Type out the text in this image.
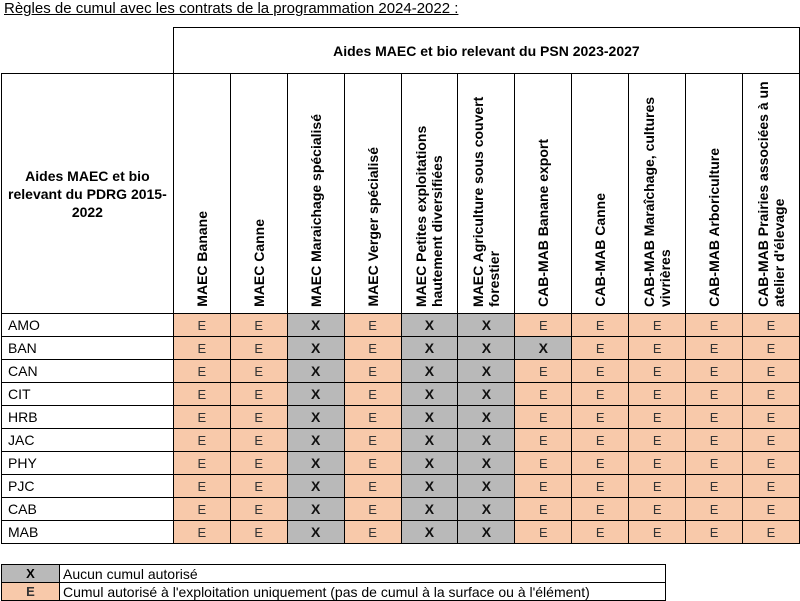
Règles de cumul avec les contrats de la programmation 2024-2022 :
	Aides MAEC et bio relevant du PSN 2023-2027										
Aides MAEC et bio relevant du PDRG 2015-2022	MAEC Banane	MAEC Canne	MAEC Maraichage spécialisé	MAEC Verger spécialisé	MAEC Petites exploitations hautement diversifiées	MAEC Agriculture sous couvert forestier	CAB-MAB Banane export	CAB-MAB Canne	CAB-MAB Maraîchage, cultures vivrières	CAB-MAB Arboriculture	CAB-MAB Prairies associées à un atelier d'élevage

AMO	E	E	X	E	X	X	E	E	E	E	E
BAN	E	E	X	E	X	X	X	E	E	E	E
CAN	E	E	X	E	X	X	E	E	E	E	E
CIT	E	E	X	E	X	X	E	E	E	E	E
HRB	E	E	X	E	X	X	E	E	E	E	E
JAC	E	E	X	E	X	X	E	E	E	E	E
PHY	E	E	X	E	X	X	E	E	E	E	E
PJC	E	E	X	E	X	X	E	E	E	E	E
CAB	E	E	X	E	X	X	E	E	E	E	E
MAB	E	E	X	E	X	X	E	E	E	E	E
X	Aucun cumul autorisé
E	Cumul autorisé à l'exploitation uniquement (pas de cumul à la surface ou à l'élément)
